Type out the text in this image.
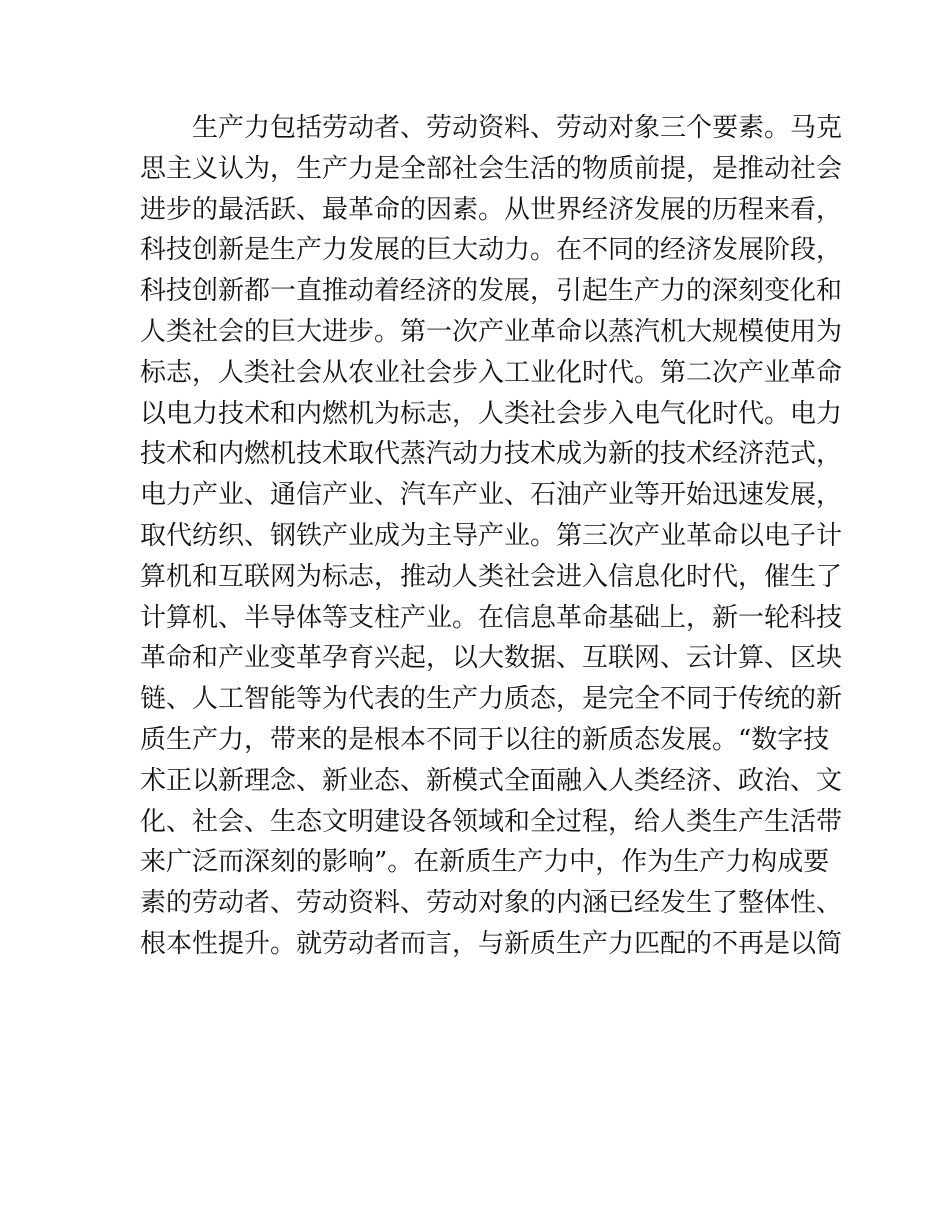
生产力包括劳动者、劳动资料、劳动对象三个要素。马克
思主义认为，生产力是全部社会生活的物质前提，是推动社会
进步的最活跃、最革命的因素。从世界经济发展的历程来看，
科技创新是生产力发展的巨大动力。在不同的经济发展阶段，
科技创新都一直推动着经济的发展，引起生产力的深刻变化和
人类社会的巨大进步。第一次产业革命以蒸汽机大规模使用为
标志，人类社会从农业社会步入工业化时代。第二次产业革命
以电力技术和内燃机为标志，人类社会步入电气化时代。电力
技术和内燃机技术取代蒸汽动力技术成为新的技术经济范式，
电力产业、通信产业、汽车产业、石油产业等开始迅速发展，
取代纺织、钢铁产业成为主导产业。第三次产业革命以电子计
算机和互联网为标志，推动人类社会进入信息化时代，催生了
计算机、半导体等支柱产业。在信息革命基础上，新一轮科技
革命和产业变革孕育兴起，以大数据、互联网、云计算、区块
链、人工智能等为代表的生产力质态，是完全不同于传统的新
质生产力，带来的是根本不同于以往的新质态发展。“数字技
术正以新理念、新业态、新模式全面融入人类经济、政治、文
化、社会、生态文明建设各领域和全过程，给人类生产生活带
来广泛而深刻的影响”。在新质生产力中，作为生产力构成要
素的劳动者、劳动资料、劳动对象的内涵已经发生了整体性、
根本性提升。就劳动者而言，与新质生产力匹配的不再是以简
